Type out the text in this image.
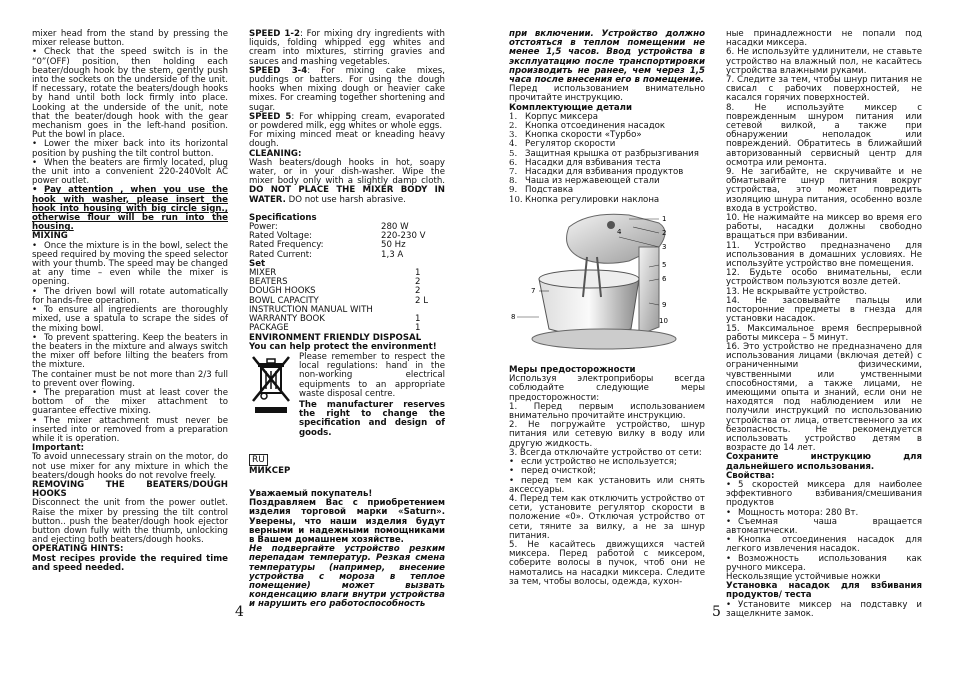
mixer head from the stand by pressing the mixer release button.

• Check that the speed switch is in the “0”(OFF) position, then holding each beater/dough hook by the stem, gently push into the sockets on the underside of the unit. If necessary, rotate the beaters/dough hooks by hand until both lock firmly into place. Looking at the underside of the unit, note that the beater/dough hook with the gear mechanism goes in the left-hand position. Put the bowl in place.

• Lower the mixer back into its horizontal position by pushing the tilt control button.

• When the beaters are firmly located, plug the unit into a convenient 220-240Volt AC power outlet.

• Pay attention , when you use the hook with washer, please insert the hook into housing with big circle sign., otherwise flour will be run into the housing.

MIXING

• Once the mixture is in the bowl, select the speed required by moving the speed selector with your thumb. The speed may be changed at any time – even while the mixer is opening.

• The driven bowl will rotate automatically for hands-free operation.

• To ensure all ingredients are thoroughly mixed, use a spatula to scrape the sides of the mixing bowl.

• To prevent spattering. Keep the beaters in the beaters in the mixture and always switch the mixer off before lilting the beaters from the mixture.

The container must be not more than 2/3 full to prevent over flowing.

• The preparation must at least cover the bottom of the mixer attachment to guarantee effective mixing.

• The mixer attachment must never be inserted into or removed from a preparation while it is operation.

Important:

To avoid unnecessary strain on the motor, do not use mixer for any mixture in which the beaters/dough hooks do not revolve freely.

REMOVING THE BEATERS/DOUGH HOOKS

Disconnect the unit from the power outlet. Raise the mixer by pressing the tilt control button.. push the beater/dough hook ejector button down fully with the thumb, unlocking and ejecting both beaters/dough hooks.

OPERATING HINTS:

Most recipes provide the required time and speed needed.

SPEED 1-2: For mixing dry ingredients with liquids, folding whipped egg whites and cream into mixtures, stirring gravies and sauces and mashing vegetables.

SPEED 3-4: For mixing cake mixes, puddings or batters. For using the dough hooks when mixing dough or heavier cake mixes. For creaming together shortening and sugar.

SPEED 5: For whipping cream, evaporated or powdered milk, egg whites or whole eggs.

For mixing minced meat or kneading heavy dough.

CLEANING:

Wash beaters/dough hooks in hot, soapy water, or in your dish-washer. Wipe the mixer body only with a slightly damp cloth. DO NOT PLACE THE MIXER BODY IN WATER. DO not use harsh abrasive.

Specifications

Power:	280 W
Rated Voltage:	220-230 V
Rated Frequency:	50 Hz
Rated Current:	1,3 A

Set

MIXER	1
BEATERS	2
DOUGH HOOKS	2
BOWL CAPACITY	2 L
INSTRUCTION MANUAL WITH
WARRANTY BOOK	1
PACKAGE	1

ENVIRONMENT FRIENDLY DISPOSAL

You can help protect the environment!

Please remember to respect the local regulations: hand in the non-working electrical equipments to an appropriate waste disposal centre.

The manufacturer reserves the right to change the specification and design of goods.

RU

МИКСЕР

Уважаемый покупатель!

Поздравляем Вас с приобретением изделия торговой марки «Saturn». Уверены, что наши изделия будут верными и надежными помощниками в Вашем домашнем хозяйстве.

Не подвергайте устройство резким перепадам температур. Резкая смена температуры (например, внесение устройства с мороза в теплое помещение) может вызвать конденсацию влаги внутри устройства и нарушить его работоспособность

4

при включении. Устройство должно отстояться в теплом помещении не менее 1,5 часов. Ввод устройства в эксплуатацию после транспортировки производить не ранее, чем через 1,5 часа после внесения его в помещение.

Перед использованием внимательно прочитайте инструкцию.

Комплектующие детали

1. Корпус миксера

2. Кнопка отсоединения насадок

3. Кнопка скорости «Турбо»

4. Регулятор скорости

5. Защитная крышка от разбрызгивания

6. Насадки для взбивания теста

7. Насадки для взбивания продуктов

8. Чаша из нержавеющей стали

9. Подставка

10. Кнопка регулировки наклона

1
2
3
4
5
6
7
8
9
10

Меры предосторожности

Используя электроприборы всегда соблюдайте следующие меры предосторожности:

1. Перед первым использованием внимательно прочитайте инструкцию.

2. Не погружайте устройство, шнур питания или сетевую вилку в воду или другую жидкость.

3. Всегда отключайте устройство от сети:

• если устройство не используется;

• перед очисткой;

• перед тем как установить или снять аксессуары.

4. Перед тем как отключить устройство от сети, установите регулятор скорости в положение «0». Отключая устройство от сети, тяните за вилку, а не за шнур питания.

5. Не касайтесь движущихся частей миксера. Перед работой с миксером, соберите волосы в пучок, чтоб они не намотались на насадки миксера. Следите за тем, чтобы волосы, одежда, кухон-

ные принадлежности не попали под насадки миксера.

6. Не используйте удлинители, не ставьте устройство на влажный пол, не касайтесь устройства влажными руками.

7. Следите за тем, чтобы шнур питания не свисал с рабочих поверхностей, не касался горячих поверхностей.

8. Не используйте миксер с поврежденным шнуром питания или сетевой вилкой, а также при обнаружении неполадок или повреждений. Обратитесь в ближайший авторизованный сервисный центр для осмотра или ремонта.

9. Не загибайте, не скручивайте и не обматывайте шнур питания вокруг устройства, это может повредить изоляцию шнура питания, особенно возле входа в устройство.

10. Не нажимайте на миксер во время его работы, насадки должны свободно вращаться при взбивании.

11. Устройство предназначено для использования в домашних условиях. Не используйте устройство вне помещения.

12. Будьте особо внимательны, если устройством пользуются возле детей.

13. Не вскрывайте устройство.

14. Не засовывайте пальцы или посторонние предметы в гнезда для установки насадок.

15. Максимальное время беспрерывной работы миксера – 5 минут.

16. Это устройство не предназначено для использования лицами (включая детей) с ограниченными физическими, чувственными или умственными способностями, а также лицами, не имеющими опыта и знаний, если они не находятся под наблюдением или не получили инструкций по использованию устройства от лица, ответственного за их безопасность. Не рекомендуется использовать устройство детям в возрасте до 14 лет.

Сохраните инструкцию для дальнейшего использования.

Свойства:

• 5 скоростей миксера для наиболее эффективного взбивания/смешивания продуктов

• Мощность мотора: 280 Вт.

• Съемная чаша вращается автоматически.

• Кнопка отсоединения насадок для легкого извлечения насадок.

• Возможность использования как ручного миксера.

Нескользящие устойчивые ножки

Установка насадок для взбивания продуктов/ теста

• Установите миксер на подставку и защелкните замок.

5
